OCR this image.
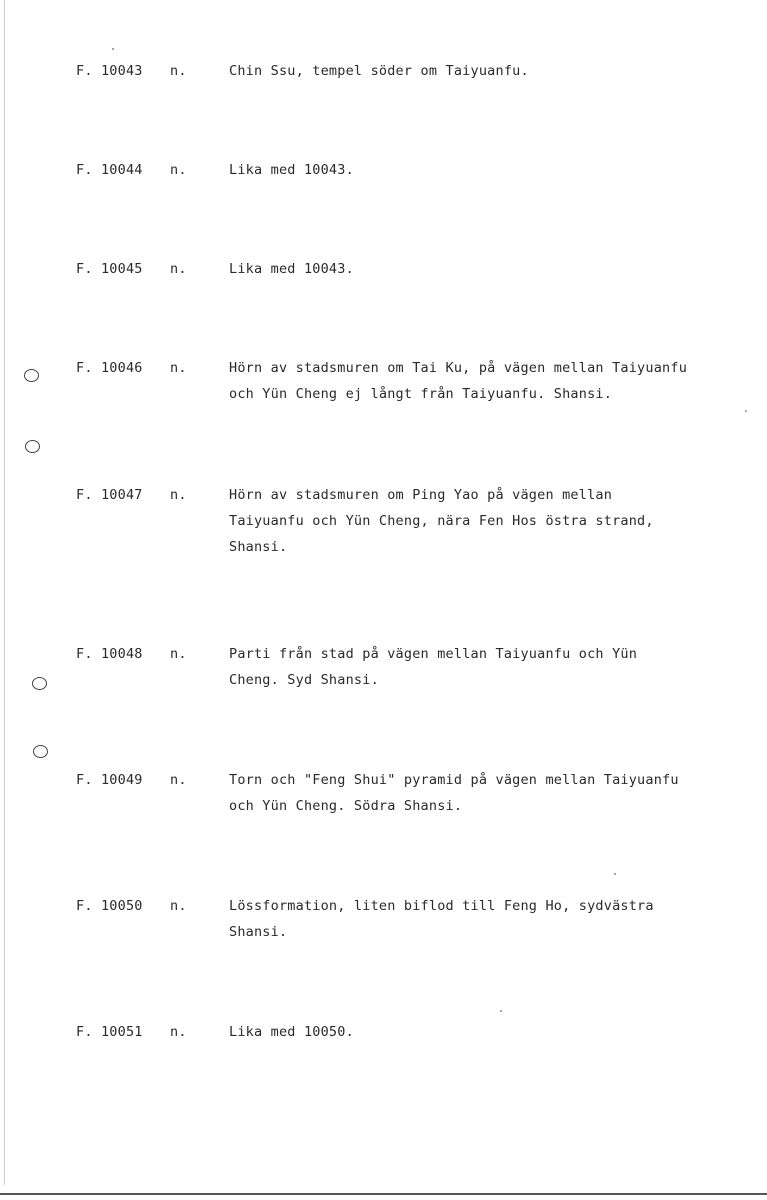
F. 10043 n.	Chin Ssu, tempel söder om Taiyuanfu.
F. 10044 n.	Lika med 10043.
F. 10045 n.	Lika med 10043.
F. 10046 n.	Hörn av stadsmuren om Tai Ku, på vägen mellan Taiyuanfu
och Yün Cheng ej långt från Taiyuanfu. Shansi.
F. 10047 n.	Hörn av stadsmuren om Ping Yao på vägen mellan
Taiyuanfu och Yün Cheng, nära Fen Hos östra strand,
Shansi.
F. 10048 n.	Parti från stad på vägen mellan Taiyuanfu och Yün
Cheng. Syd Shansi.
F. 10049 n.	Torn och "Feng Shui" pyramid på vägen mellan Taiyuanfu
och Yün Cheng. Södra Shansi.
F. 10050 n.	Lössformation, liten biflod till Feng Ho, sydvästra
Shansi.
F. 10051 n.	Lika med 10050.
